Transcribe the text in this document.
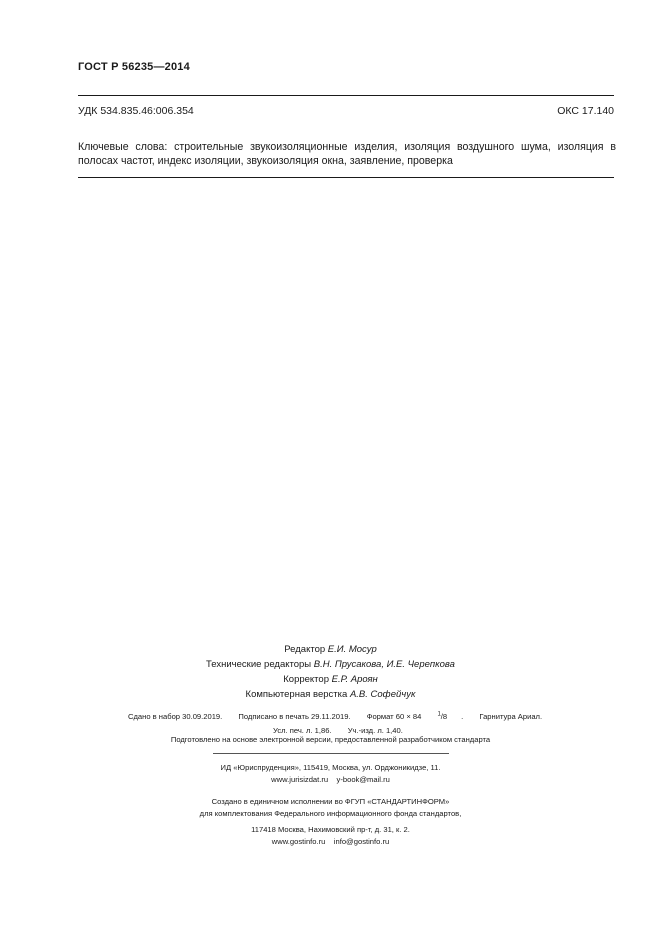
ГОСТ Р 56235—2014
УДК 534.835.46:006.354	ОКС 17.140
Ключевые слова: строительные звукоизоляционные изделия, изоляция воздушного шума, изоляция в полосах частот, индекс изоляции, звукоизоляция окна, заявление, проверка
Редактор Е.И. Мосур
Технические редакторы В.Н. Прусакова, И.Е. Черепкова
Корректор Е.Р. Ароян
Компьютерная верстка А.В. Софейчук
Сдано в набор 30.09.2019. Подписано в печать 29.11.2019. Формат 60 × 84	$^1$/8 . Гарнитура Ариал.
Усл. печ. л. 1,86. Уч.-изд. л. 1,40.
Подготовлено на основе электронной версии, предоставленной разработчиком стандарта
ИД «Юриспруденция», 115419, Москва, ул. Орджоникидзе, 11.
www.jurisizdat.ru    y-book@mail.ru
Создано в единичном исполнении во ФГУП «СТАНДАРТИНФОРМ»
для комплектования Федерального информационного фонда стандартов,
117418 Москва, Нахимовский пр-т, д. 31, к. 2.
www.gostinfo.ru    info@gostinfo.ru
